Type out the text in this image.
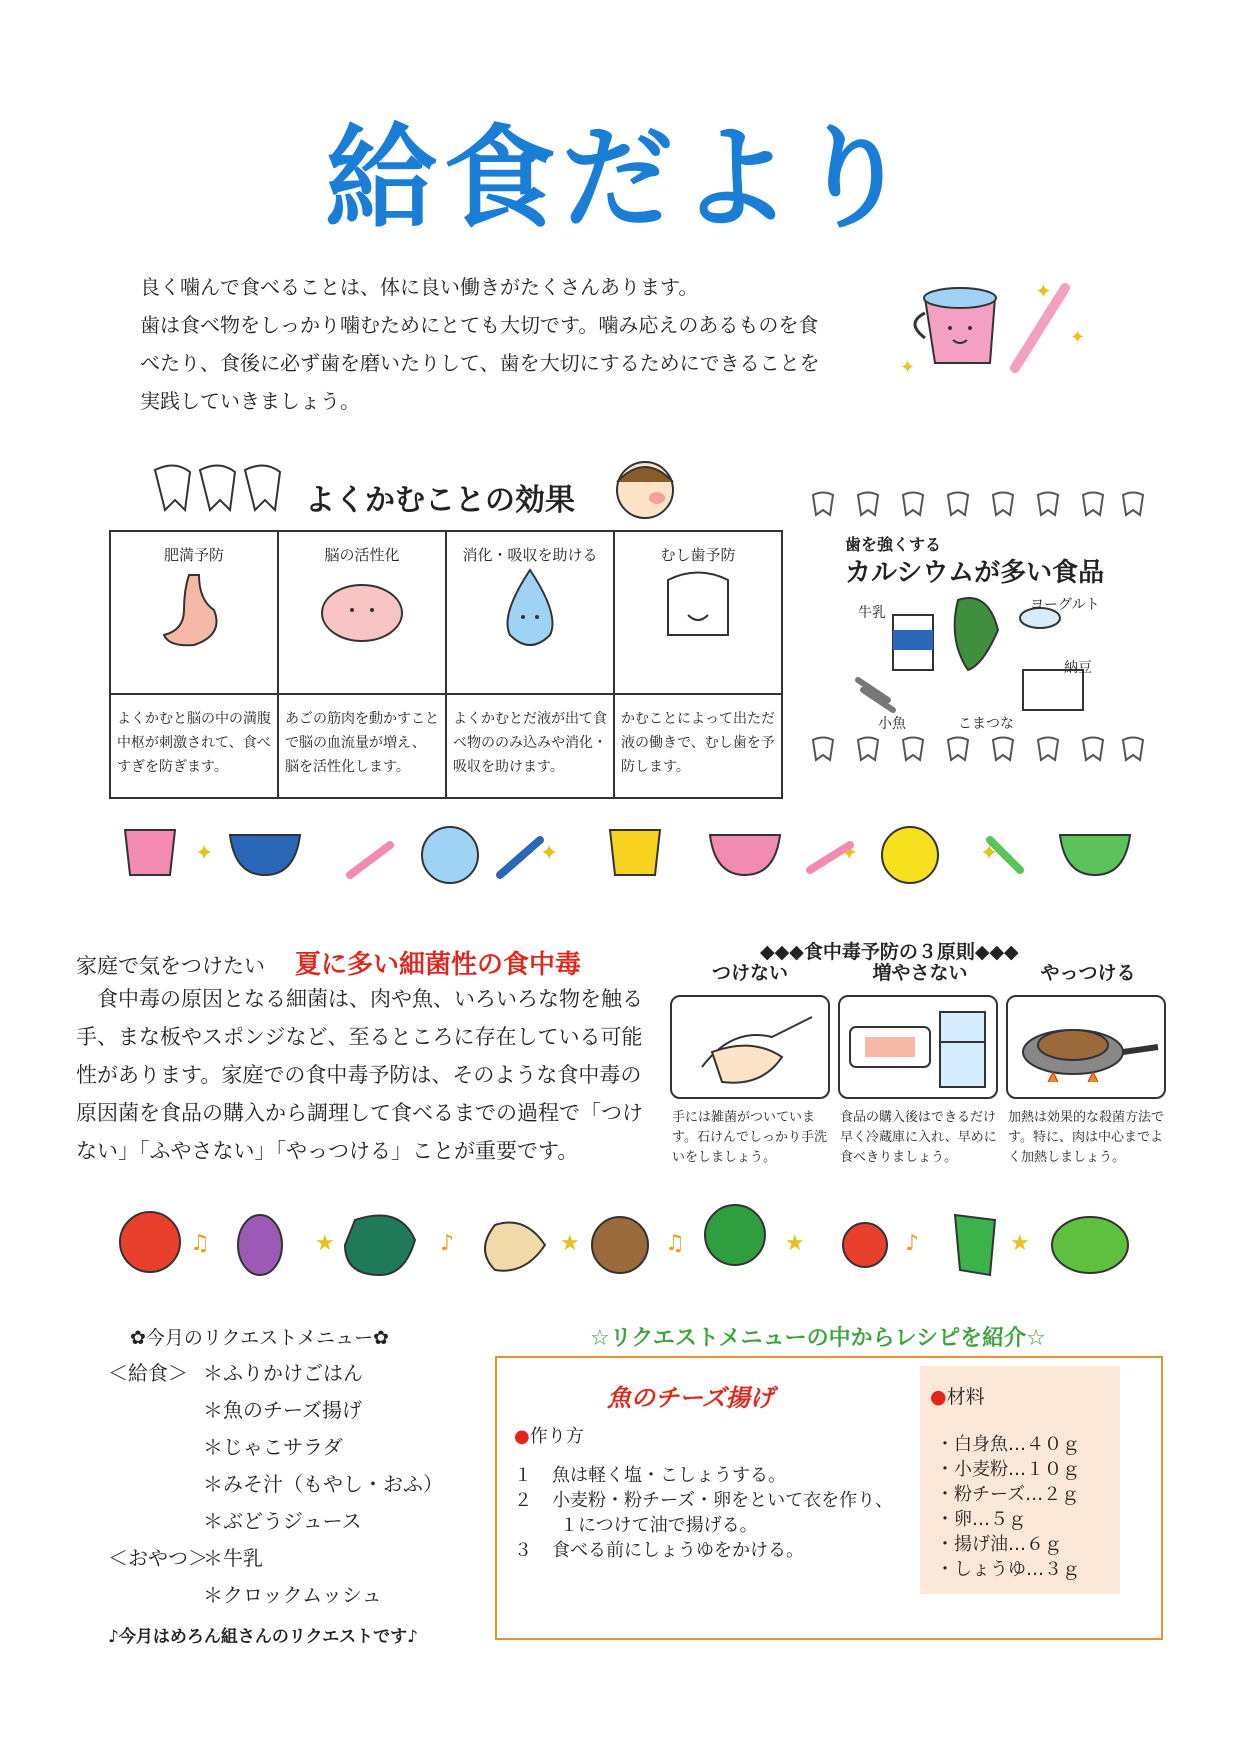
給食だより
✦
✦
✦

良く噛んで食べることは、体に良い働きがたくさんあります。

歯は食べ物をしっかり噛むためにとても大切です。噛み応えのあるものを食

べたり、食後に必ず歯を磨いたりして、歯を大切にするためにできることを

実践していきましょう。

よくかむことの効果
肥満予防	脳の活性化	消化・吸収を助ける	むし歯予防

よくかむと脳の中の満腹中枢が刺激されて、食べすぎを防ぎます。	あごの筋肉を動かすことで脳の血流量が増え、脳を活性化します。	よくかむとだ液が出て食べ物ののみ込みや消化・吸収を助けます。	かむことによって出ただ液の働きで、むし歯を予防します。
歯を強くする
カルシウムが多い食品
牛乳	ヨーグルト
小魚	こまつな
納豆
✦	✦	✦	✦
家庭で気をつけたい 夏に多い細菌性の食中毒
食中毒の原因となる細菌は、肉や魚、いろいろな物を触る手、まな板やスポンジなど、至るところに存在している可能性があります。家庭での食中毒予防は、そのような食中毒の原因菌を食品の購入から調理して食べるまでの過程で「つけない」「ふやさない」「やっつける」ことが重要です。
◆◆◆食中毒予防の３原則◆◆◆
つけない	増やさない	やっつける
手には雑菌がついています。石けんでしっかり手洗いをしましょう。
食品の購入後はできるだけ早く冷蔵庫に入れ、早めに食べきりましょう。
加熱は効果的な殺菌方法です。特に、肉は中心までよく加熱しましょう。
★	★	★	★
♫	♪	♫	♪
✿今月のリクエストメニュー✿
＜給食＞ ＊ふりかけごはん
＊魚のチーズ揚げ
＊じゃこサラダ
＊みそ汁（もやし・おふ）
＊ぶどうジュース
＜おやつ＞
＊牛乳
＊クロックムッシュ
♪今月はめろん組さんのリクエストです♪
☆リクエストメニューの中からレシピを紹介☆
魚のチーズ揚げ
●作り方
１ 魚は軽く塩・こしょうする。
２ 小麦粉・粉チーズ・卵をといて衣を作り、
１につけて油で揚げる。
３ 食べる前にしょうゆをかける。
●材料
・白身魚…４０ｇ
・小麦粉…１０ｇ
・粉チーズ…２ｇ
・卵…５ｇ
・揚げ油…６ｇ
・しょうゆ…３ｇ
